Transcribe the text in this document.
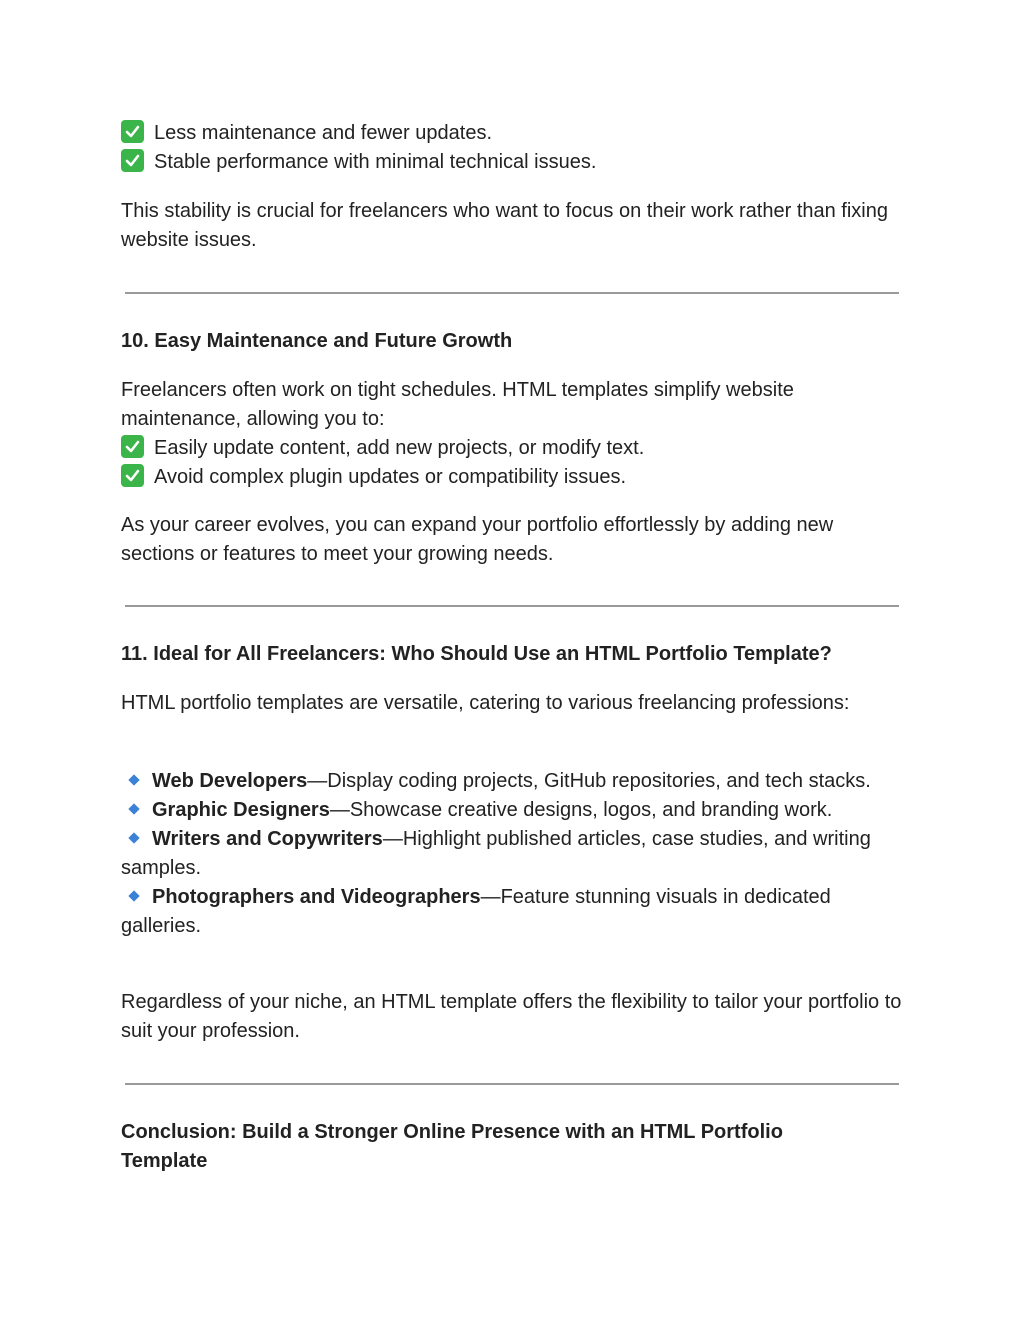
Less maintenance and fewer updates.

Stable performance with minimal technical issues.

This stability is crucial for freelancers who want to focus on their work rather than fixing website issues.

10. Easy Maintenance and Future Growth

Freelancers often work on tight schedules. HTML templates simplify website maintenance, allowing you to:

Easily update content, add new projects, or modify text.

Avoid complex plugin updates or compatibility issues.

As your career evolves, you can expand your portfolio effortlessly by adding new sections or features to meet your growing needs.

11. Ideal for All Freelancers: Who Should Use an HTML Portfolio Template?

HTML portfolio templates are versatile, catering to various freelancing professions:

Web Developers—Display coding projects, GitHub repositories, and tech stacks.

Graphic Designers—Showcase creative designs, logos, and branding work.

Writers and Copywriters—Highlight published articles, case studies, and writing samples.

Photographers and Videographers—Feature stunning visuals in dedicated galleries.

Regardless of your niche, an HTML template offers the flexibility to tailor your portfolio to suit your profession.

Conclusion: Build a Stronger Online Presence with an HTML Portfolio Template
